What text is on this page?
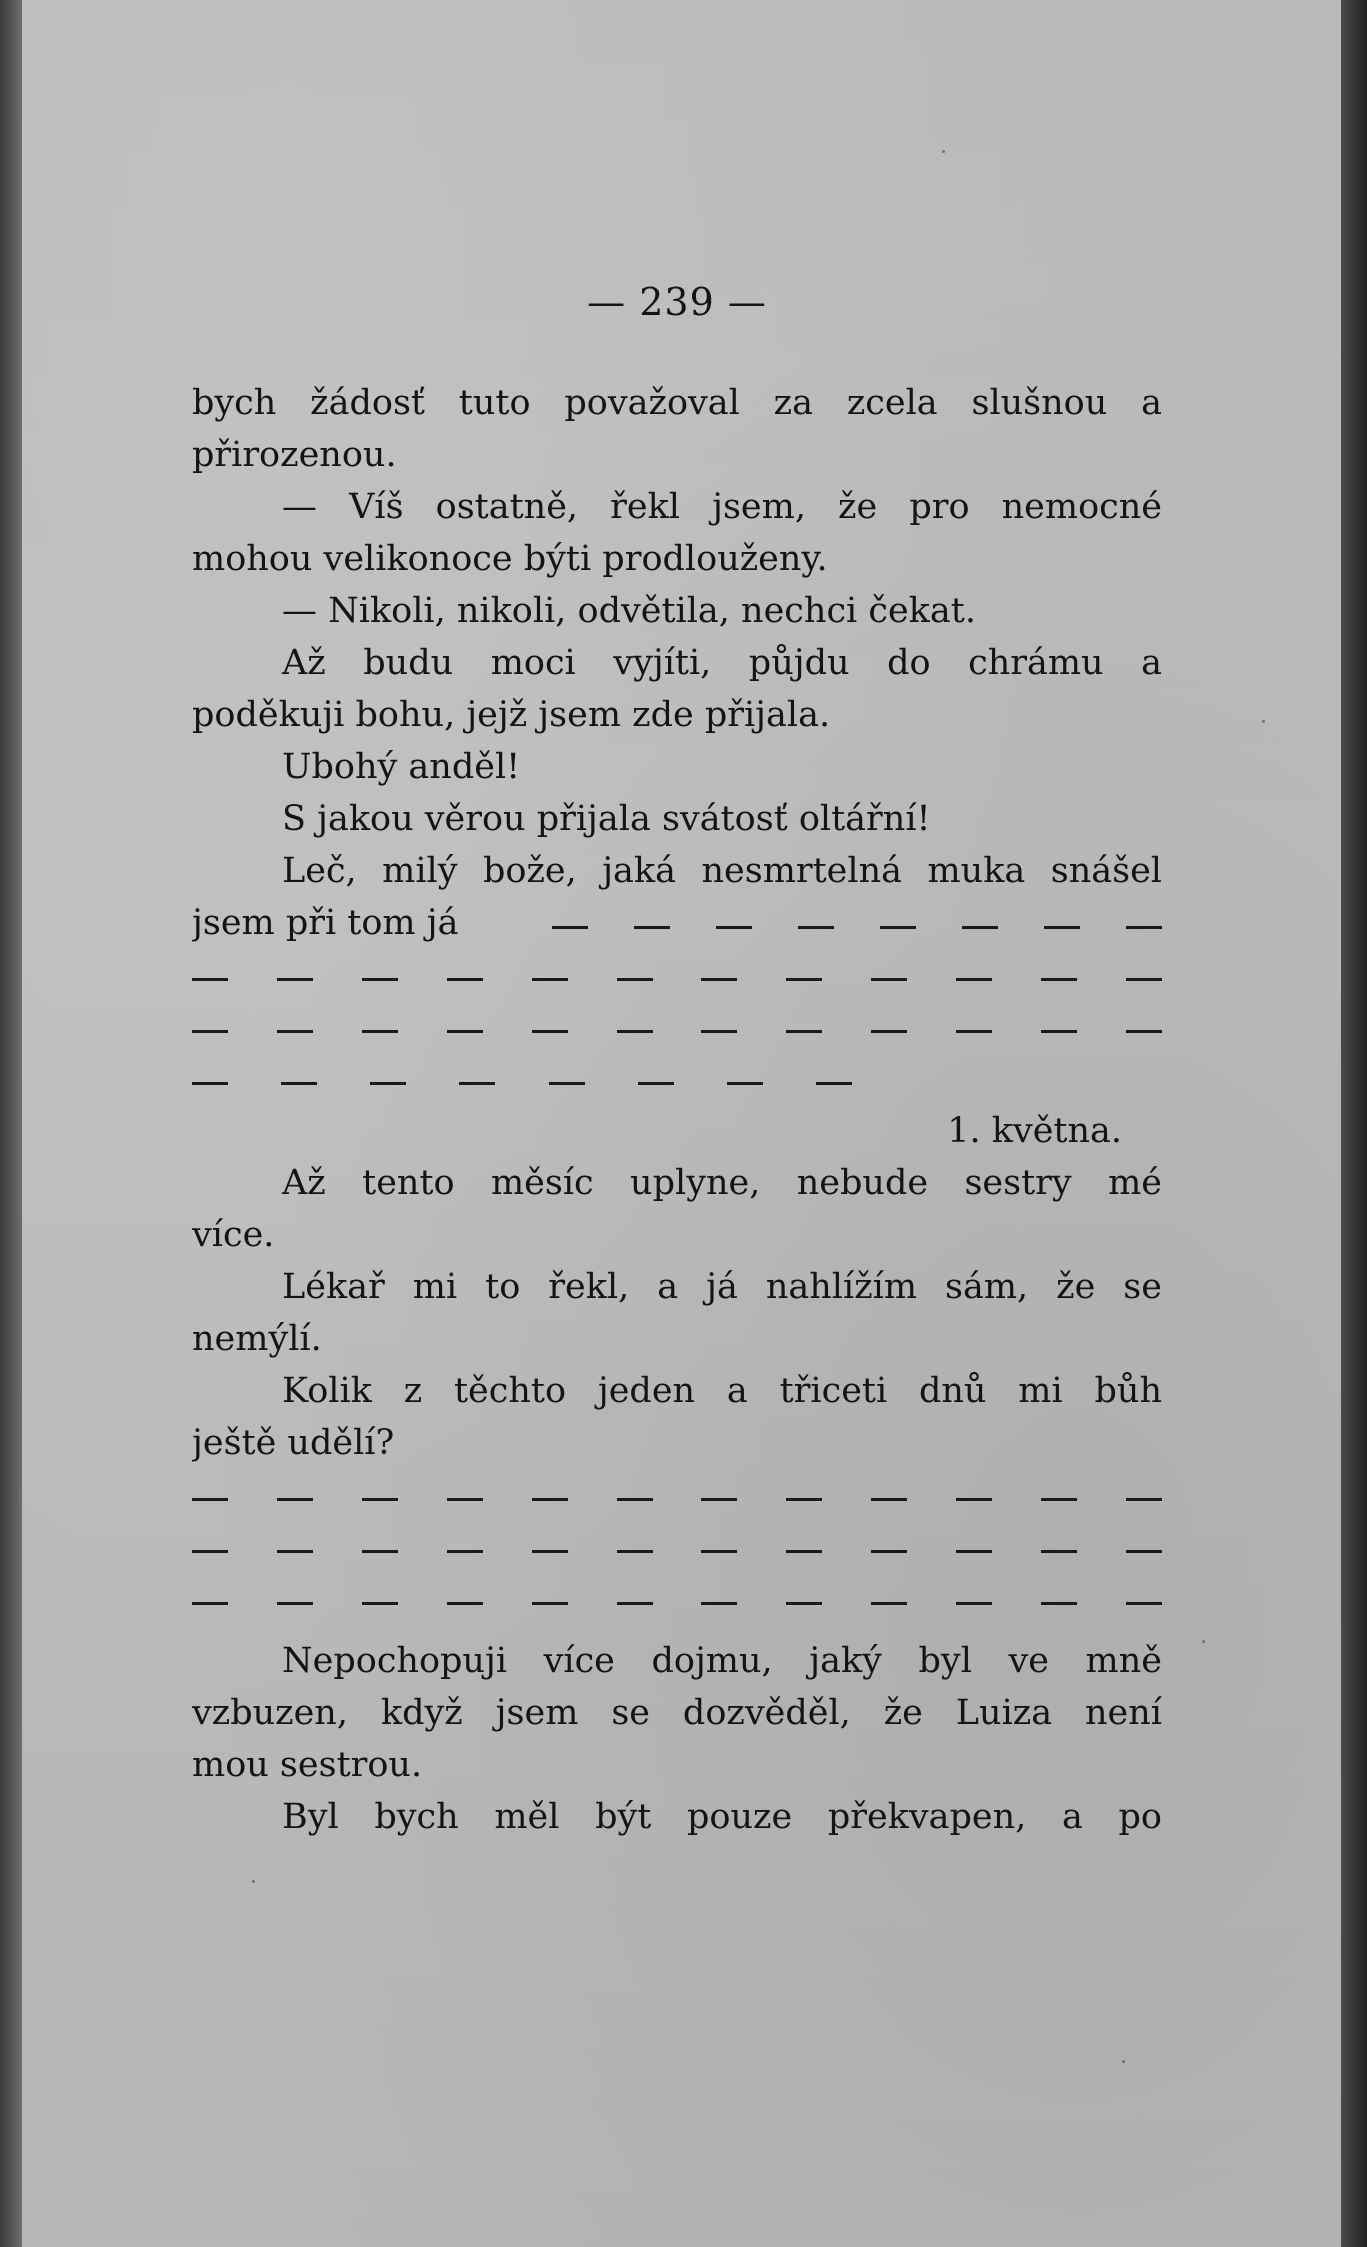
— 239 —
bych žádosť tuto považoval za zcela slušnou a
přirozenou.
— Víš ostatně, řekl jsem, že pro nemocné
mohou velikonoce býti prodlouženy.
— Nikoli, nikoli, odvětila, nechci čekat.
Až budu moci vyjíti, půjdu do chrámu a
poděkuji bohu, jejž jsem zde přijala.
Ubohý anděl!
S jakou věrou přijala svátosť oltářní!
Leč, milý bože, jaká nesmrtelná muka snášel
jsem při tom já

1. května.
Až tento měsíc uplyne, nebude sestry mé
více.
Lékař mi to řekl, a já nahlížím sám, že se
nemýlí.
Kolik z těchto jeden a třiceti dnů mi bůh
ještě udělí?

Nepochopuji více dojmu, jaký byl ve mně
vzbuzen, když jsem se dozvěděl, že Luiza není
mou sestrou.
Byl bych měl být pouze překvapen, a po
